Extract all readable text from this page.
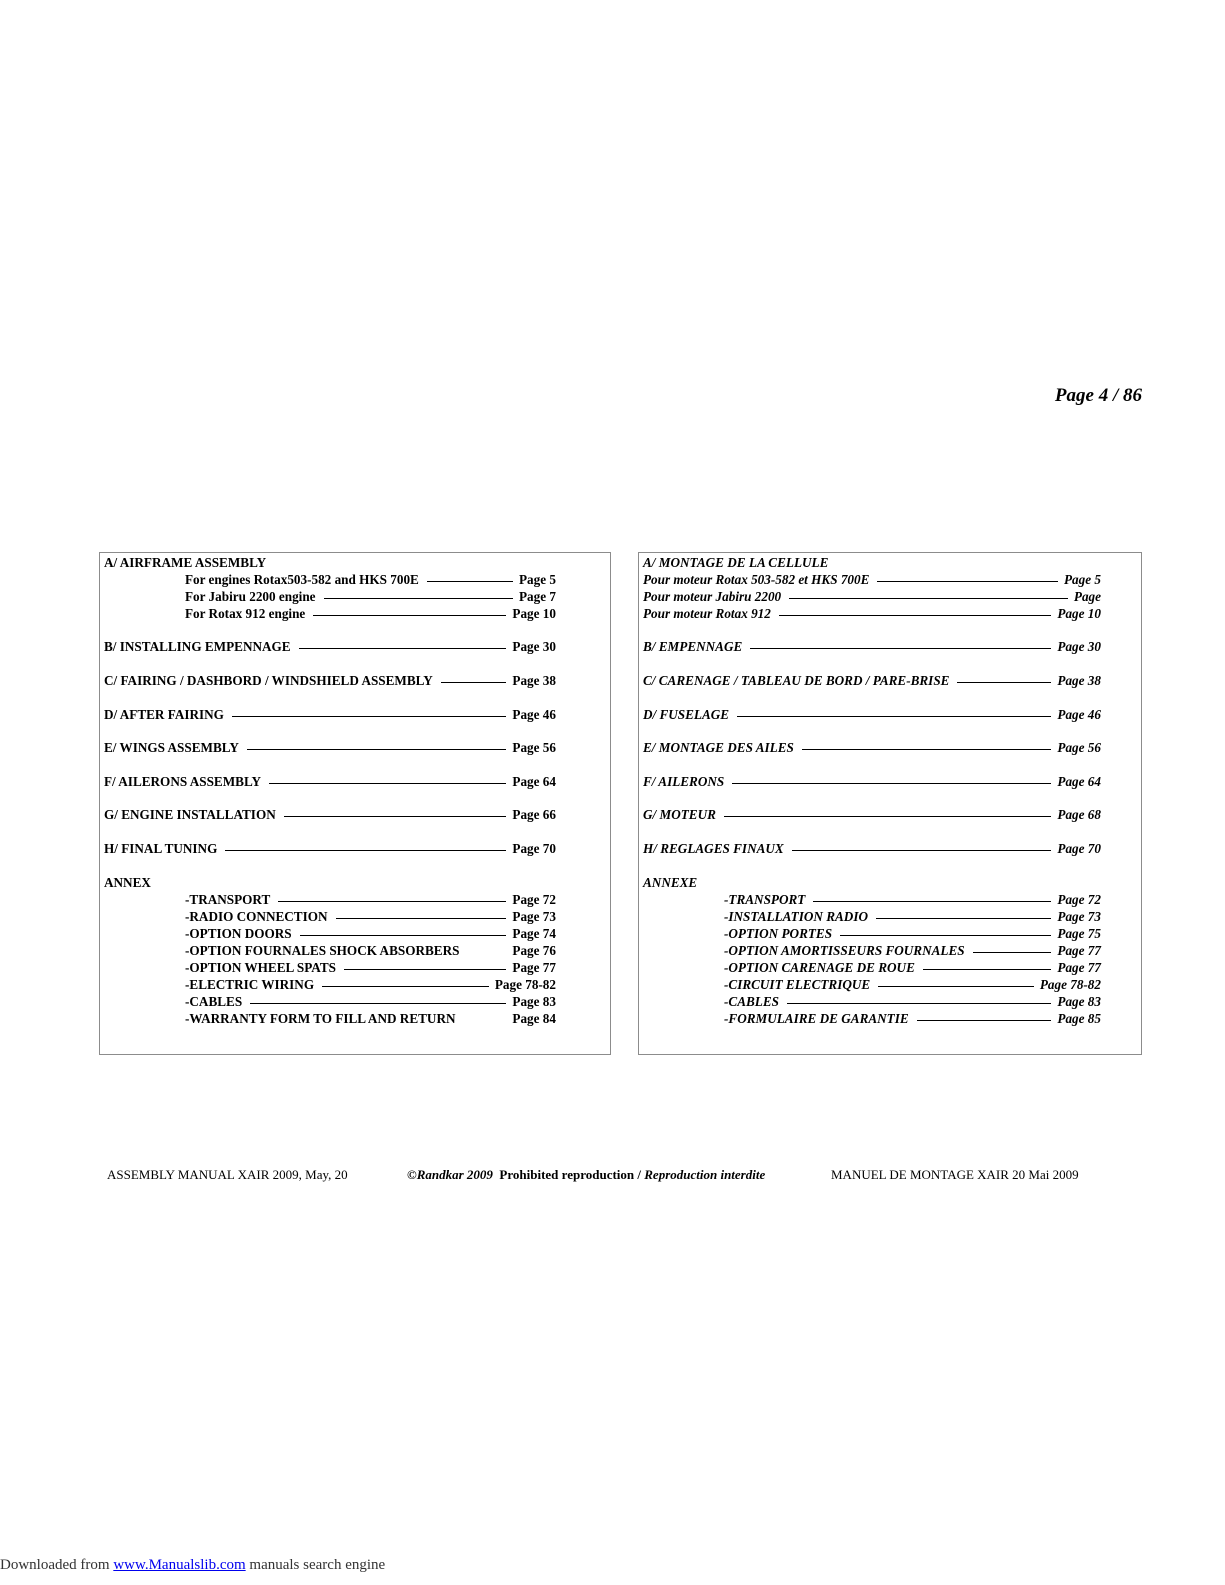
Page 4 / 86
A/ AIRFRAME ASSEMBLY
For engines Rotax503-582 and HKS 700E	Page 5
For Jabiru 2200 engine	Page 7
For Rotax 912 engine	Page 10
B/ INSTALLING EMPENNAGE	Page 30
C/ FAIRING / DASHBORD / WINDSHIELD ASSEMBLY	Page 38
D/ AFTER FAIRING	Page 46
E/ WINGS ASSEMBLY	Page 56
F/ AILERONS ASSEMBLY	Page 64
G/ ENGINE INSTALLATION	Page 66
H/ FINAL TUNING	Page 70
ANNEX
-TRANSPORT	Page 72
-RADIO CONNECTION	Page 73
-OPTION DOORS	Page 74
-OPTION FOURNALES SHOCK ABSORBERS	Page 76
-OPTION WHEEL SPATS	Page 77
-ELECTRIC WIRING	Page 78-82
-CABLES	Page 83
-WARRANTY FORM TO FILL AND RETURN	Page 84
A/ MONTAGE DE LA CELLULE
Pour moteur Rotax 503-582 et HKS 700E	Page 5
Pour moteur Jabiru 2200	Page
Pour moteur Rotax 912	Page 10
B/ EMPENNAGE	Page 30
C/ CARENAGE / TABLEAU DE BORD / PARE-BRISE	Page 38
D/ FUSELAGE	Page 46
E/ MONTAGE DES AILES	Page 56
F/ AILERONS	Page 64
G/ MOTEUR	Page 68
H/ REGLAGES FINAUX	Page 70
ANNEXE
-TRANSPORT	Page 72
-INSTALLATION RADIO	Page 73
-OPTION PORTES	Page 75
-OPTION AMORTISSEURS FOURNALES	Page 77
-OPTION CARENAGE DE ROUE	Page 77
-CIRCUIT ELECTRIQUE	Page 78-82
-CABLES	Page 83
-FORMULAIRE DE GARANTIE	Page 85
ASSEMBLY MANUAL XAIR 2009, May, 20	©Randkar 2009 Prohibited reproduction / Reproduction interdite	MANUEL DE MONTAGE XAIR 20 Mai 2009
Downloaded from www.Manualslib.com manuals search engine
